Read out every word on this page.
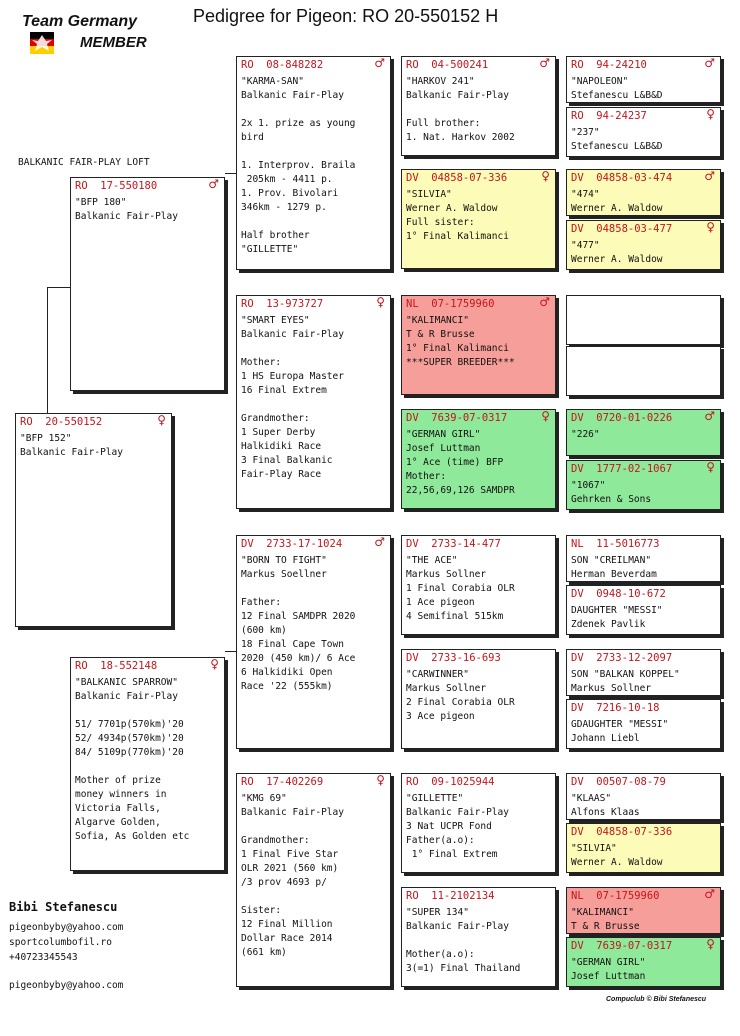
Team Germany
MEMBER
Pedigree for Pigeon: RO 20-550152 H
BALKANIC FAIR-PLAY LOFT
RO  20-550152	♀
"BFP 152"
Balkanic Fair-Play
RO  17-550180	♂
"BFP 180"
Balkanic Fair-Play
RO  18-552148	♀
"BALKANIC SPARROW"
Balkanic Fair-Play
51/ 7701p(570km)'20
52/ 4934p(570km)'20
84/ 5109p(770km)'20
Mother of prize
money winners in
Victoria Falls,
Algarve Golden,
Sofia, As Golden etc
RO  08-848282	♂
"KARMA-SAN"
Balkanic Fair-Play
2x 1. prize as young
bird
1. Interprov. Braila
205km - 4411 p.
1. Prov. Bivolari
346km - 1279 p.
Half brother
"GILLETTE"
RO  13-973727	♀
"SMART EYES"
Balkanic Fair-Play
Mother:
1 HS Europa Master
16 Final Extrem
Grandmother:
1 Super Derby
Halkidiki Race
3 Final Balkanic
Fair-Play Race
DV  2733-17-1024	♂
"BORN TO FIGHT"
Markus Soellner
Father:
12 Final SAMDPR 2020
(600 km)
18 Final Cape Town
2020 (450 km)/ 6 Ace
6 Halkidiki Open
Race '22 (555km)
RO  17-402269	♀
"KMG 69"
Balkanic Fair-Play
Grandmother:
1 Final Five Star
OLR 2021 (560 km)
/3 prov 4693 p/
Sister:
12 Final Million
Dollar Race 2014
(661 km)
RO  04-500241	♂
"HARKOV 241"
Balkanic Fair-Play
Full brother:
1. Nat. Harkov 2002
DV  04858-07-336	♀
"SILVIA"
Werner A. Waldow
Full sister:
1° Final Kalimanci
NL  07-1759960	♂
"KALIMANCI"
T & R Brusse
1° Final Kalimanci
***SUPER BREEDER***
DV  7639-07-0317	♀
"GERMAN GIRL"
Josef Luttman
1° Ace (time) BFP
Mother:
22,56,69,126 SAMDPR
DV  2733-14-477
"THE ACE"
Markus Sollner
1 Final Corabia OLR
1 Ace pigeon
4 Semifinal 515km
DV  2733-16-693
"CARWINNER"
Markus Sollner
2 Final Corabia OLR
3 Ace pigeon
RO  09-1025944
"GILLETTE"
Balkanic Fair-Play
3 Nat UCPR Fond
Father(a.o):
1° Final Extrem
RO  11-2102134
"SUPER 134"
Balkanic Fair-Play
Mother(a.o):
3(=1) Final Thailand
RO  94-24210	♂
"NAPOLEON"
Stefanescu L&B&D
RO  94-24237	♀
"237"
Stefanescu L&B&D
DV  04858-03-474	♂
"474"
Werner A. Waldow
DV  04858-03-477	♀
"477"
Werner A. Waldow
DV  0720-01-0226	♂
"226"
DV  1777-02-1067	♀
"1067"
Gehrken & Sons
NL  11-5016773
SON "CREILMAN"
Herman Beverdam
DV  0948-10-672
DAUGHTER "MESSI"
Zdenek Pavlik
DV  2733-12-2097
SON "BALKAN KOPPEL"
Markus Sollner
DV  7216-10-18
GDAUGHTER "MESSI"
Johann Liebl
DV  00507-08-79
"KLAAS"
Alfons Klaas
DV  04858-07-336
"SILVIA"
Werner A. Waldow
NL  07-1759960	♂
"KALIMANCI"
T & R Brusse
DV  7639-07-0317	♀
"GERMAN GIRL"
Josef Luttman
Bibi Stefanescu
pigeonbyby@yahoo.com
sportcolumbofil.ro
+40723345543
pigeonbyby@yahoo.com
Compuclub © Bibi Stefanescu
